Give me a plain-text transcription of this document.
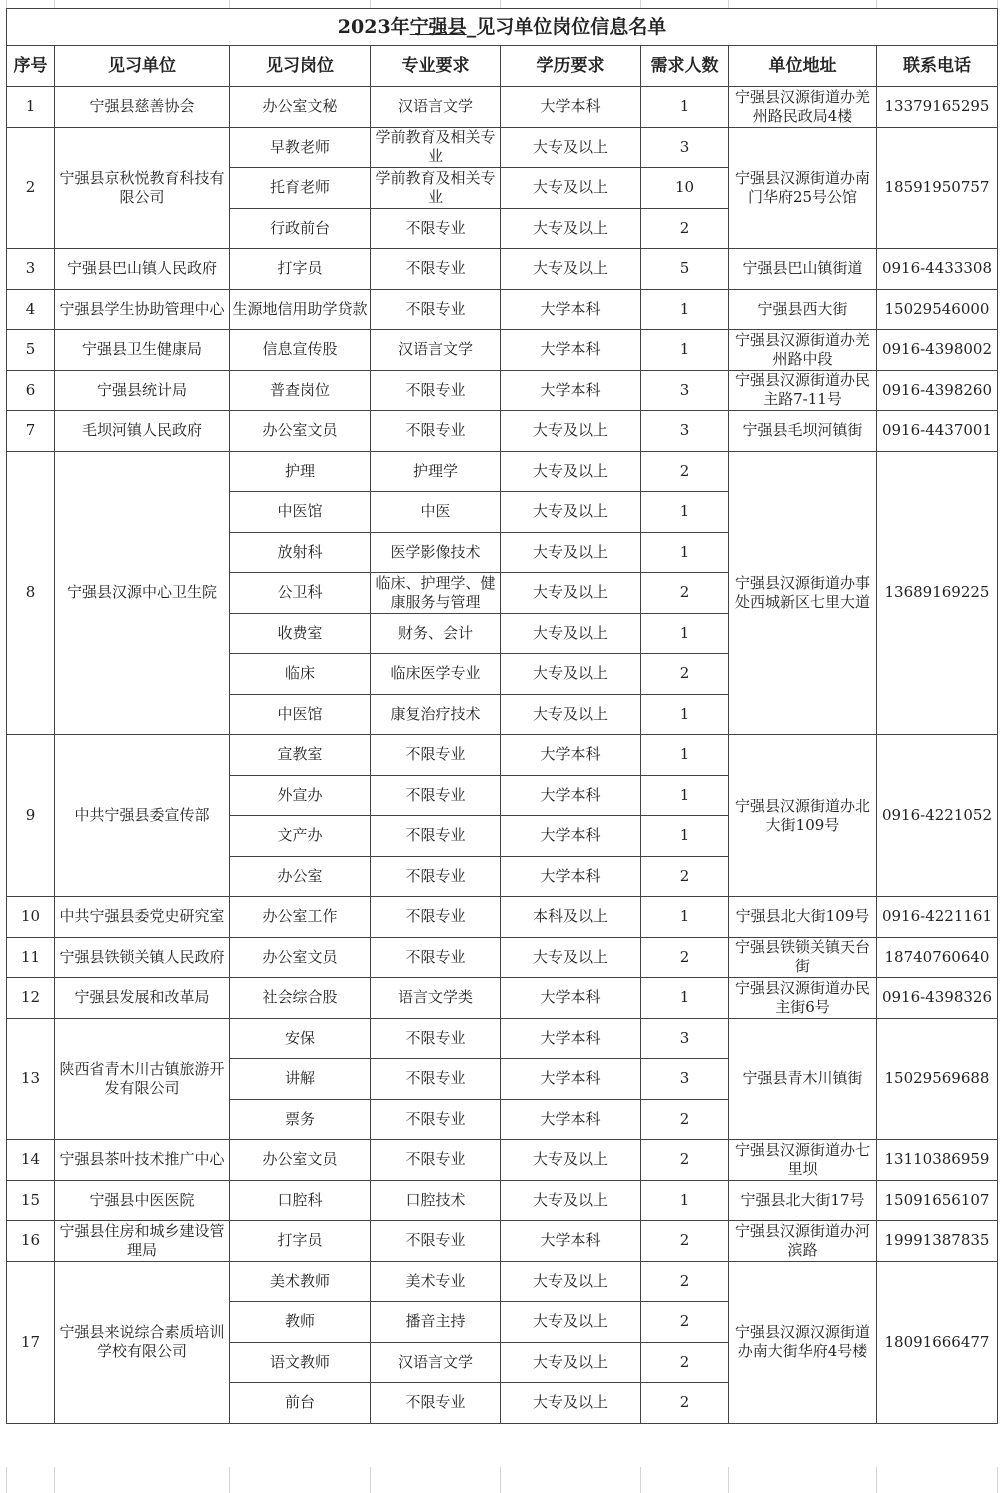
2023年宁强县_见习单位岗位信息名单							
序号	见习单位	见习岗位	专业要求	学历要求	需求人数	单位地址	联系电话
1	宁强县慈善协会	办公室文秘	汉语言文学	大学本科	1	宁强县汉源街道办羌州路民政局4楼	13379165295
2	宁强县京秋悦教育科技有限公司	早教老师	学前教育及相关专业	大专及以上	3	宁强县汉源街道办南门华府25号公馆	18591950757
		托育老师	学前教育及相关专业	大专及以上	10		
		行政前台	不限专业	大专及以上	2		
3	宁强县巴山镇人民政府	打字员	不限专业	大专及以上	5	宁强县巴山镇街道	0916-4433308
4	宁强县学生协助管理中心	生源地信用助学贷款	不限专业	大学本科	1	宁强县西大街	15029546000
5	宁强县卫生健康局	信息宣传股	汉语言文学	大学本科	1	宁强县汉源街道办羌州路中段	0916-4398002
6	宁强县统计局	普查岗位	不限专业	大学本科	3	宁强县汉源街道办民主路7-11号	0916-4398260
7	毛坝河镇人民政府	办公室文员	不限专业	大专及以上	3	宁强县毛坝河镇街	0916-4437001
8	宁强县汉源中心卫生院	护理	护理学	大专及以上	2	宁强县汉源街道办事处西城新区七里大道	13689169225
		中医馆	中医	大专及以上	1		
		放射科	医学影像技术	大专及以上	1		
		公卫科	临床、护理学、健康服务与管理	大专及以上	2		
		收费室	财务、会计	大专及以上	1		
		临床	临床医学专业	大专及以上	2		
		中医馆	康复治疗技术	大专及以上	1		
9	中共宁强县委宣传部	宣教室	不限专业	大学本科	1	宁强县汉源街道办北大街109号	0916-4221052
		外宣办	不限专业	大学本科	1		
		文产办	不限专业	大学本科	1		
		办公室	不限专业	大学本科	2		
10	中共宁强县委党史研究室	办公室工作	不限专业	本科及以上	1	宁强县北大街109号	0916-4221161
11	宁强县铁锁关镇人民政府	办公室文员	不限专业	大专及以上	2	宁强县铁锁关镇天台街	18740760640
12	宁强县发展和改革局	社会综合股	语言文学类	大学本科	1	宁强县汉源街道办民主街6号	0916-4398326
13	陕西省青木川古镇旅游开发有限公司	安保	不限专业	大学本科	3	宁强县青木川镇街	15029569688
		讲解	不限专业	大学本科	3		
		票务	不限专业	大学本科	2		
14	宁强县茶叶技术推广中心	办公室文员	不限专业	大专及以上	2	宁强县汉源街道办七里坝	13110386959
15	宁强县中医医院	口腔科	口腔技术	大专及以上	1	宁强县北大街17号	15091656107
16	宁强县住房和城乡建设管理局	打字员	不限专业	大学本科	2	宁强县汉源街道办河滨路	19991387835
17	宁强县来说综合素质培训学校有限公司	美术教师	美术专业	大专及以上	2	宁强县汉源汉源街道办南大街华府4号楼	18091666477
		教师	播音主持	大专及以上	2		
		语文教师	汉语言文学	大专及以上	2		
		前台	不限专业	大专及以上	2		
